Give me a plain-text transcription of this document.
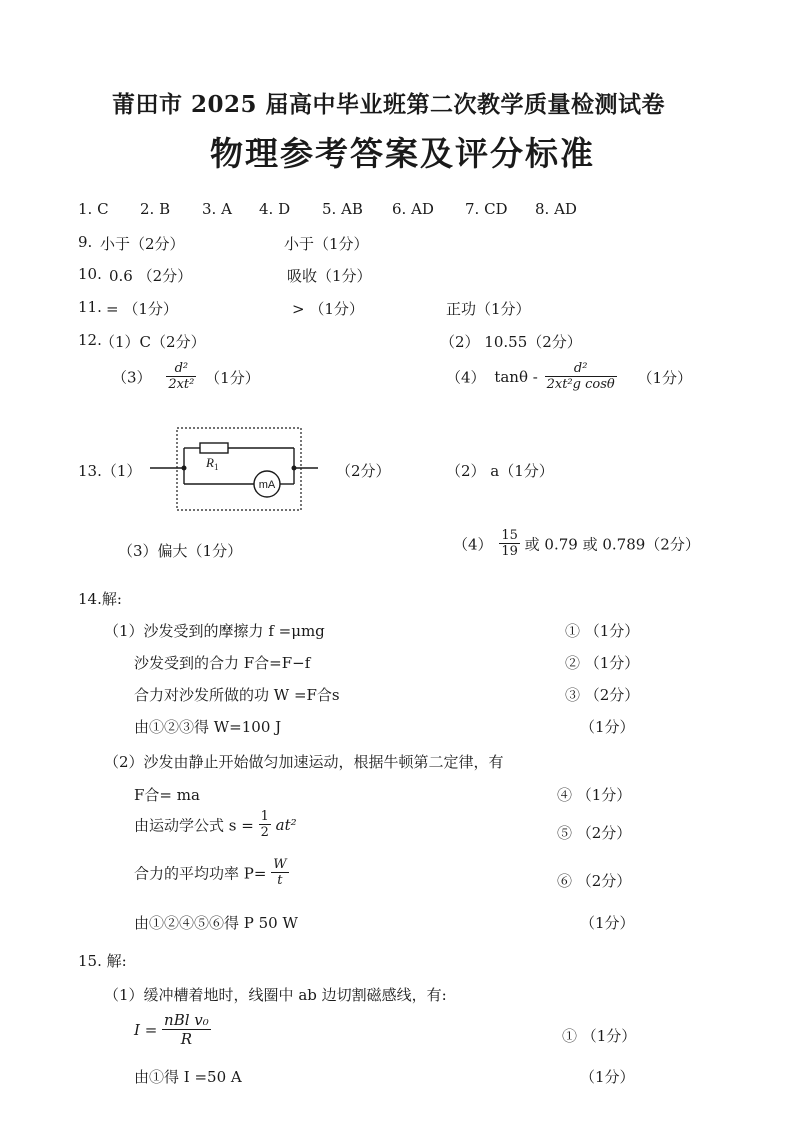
莆田市 2025 届高中毕业班第二次教学质量检测试卷
物理参考答案及评分标准
1. C 2. B 3. A 4. D 5. AB 6. AD 7. CD 8. AD
9. 小于（2分）	小于（1分）
10. 0.6 （2分）	吸收（1分）
11. = （1分）	> （1分）	正功（1分）
12.
（1）C（2分）	（2） 10.55（2分）
$(3) \frac{\text{d²}}{\text{2xt²}} (1$分）	（4） tanθ - $\frac{\text{d²}}{\text{2xt²g cosθ}} (1$分）
13.（1）	$R_1$
mA
（2分）	（2） a（1分）
（3）偏大（1分）	$(4) \frac{15}{19}$ 或 0.79 或 0.789（2分）
14.解:
（1）沙发受到的摩擦力 f =μmg	① （1分）
沙发受到的合力 F合=F−f	② （1分）
合力对沙发所做的功 W =F合s	③ （2分）
由①②③得 W=100 J	（1分）
（2）沙发由静止开始做匀加速运动，根据牛顿第二定律，有
F合= ma	④ （1分）
由运动学公式 $s = \frac{1}{2} at^2$	⑤ （2分）
合力的平均功率 $P= \frac{W}{t}$	⑥ （2分）
由①②④⑤⑥得 P 50 W	（1分）
15. 解:
（1）缓冲槽着地时，线圈中 ab 边切割磁感线，有:
$I = \frac{\text{nBl v₀}}{R}$	① （1分）
由①得 I =50 A	（1分）
